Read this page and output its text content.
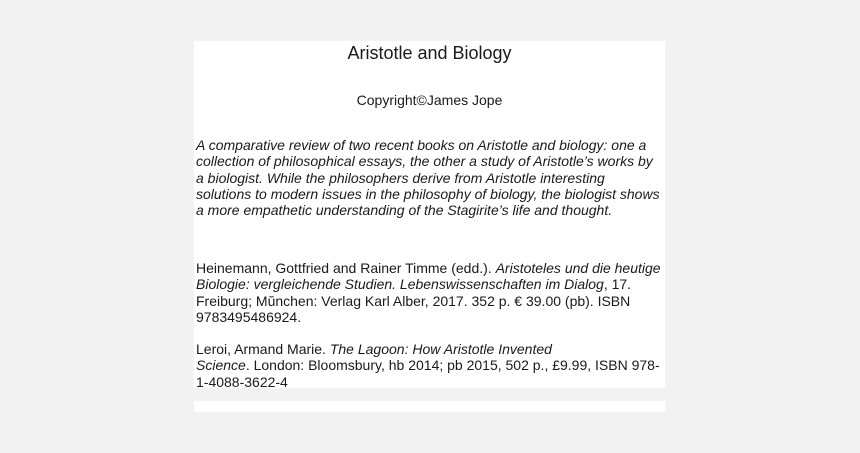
Aristotle and Biology
Copyright©James Jope

A comparative review of two recent books on Aristotle and biology: one a
collection of philosophical essays, the other a study of Aristotle’s works by
a biologist. While the philosophers derive from Aristotle interesting
solutions to modern issues in the philosophy of biology, the biologist shows
a more empathetic understanding of the Stagirite’s life and thought.

Heinemann, Gottfried and Rainer Timme (edd.). Aristoteles und die heutige
Biologie: vergleichende Studien. Lebenswissenschaften im Dialog, 17.
Freiburg; Mŭnchen: Verlag Karl Alber, 2017. 352 p. € 39.00 (pb). ISBN
9783495486924.

Leroi, Armand Marie. The Lagoon: How Aristotle Invented
Science. London: Bloomsbury, hb 2014; pb 2015, 502 p., £9.99, ISBN 978-
1-4088-3622-4
